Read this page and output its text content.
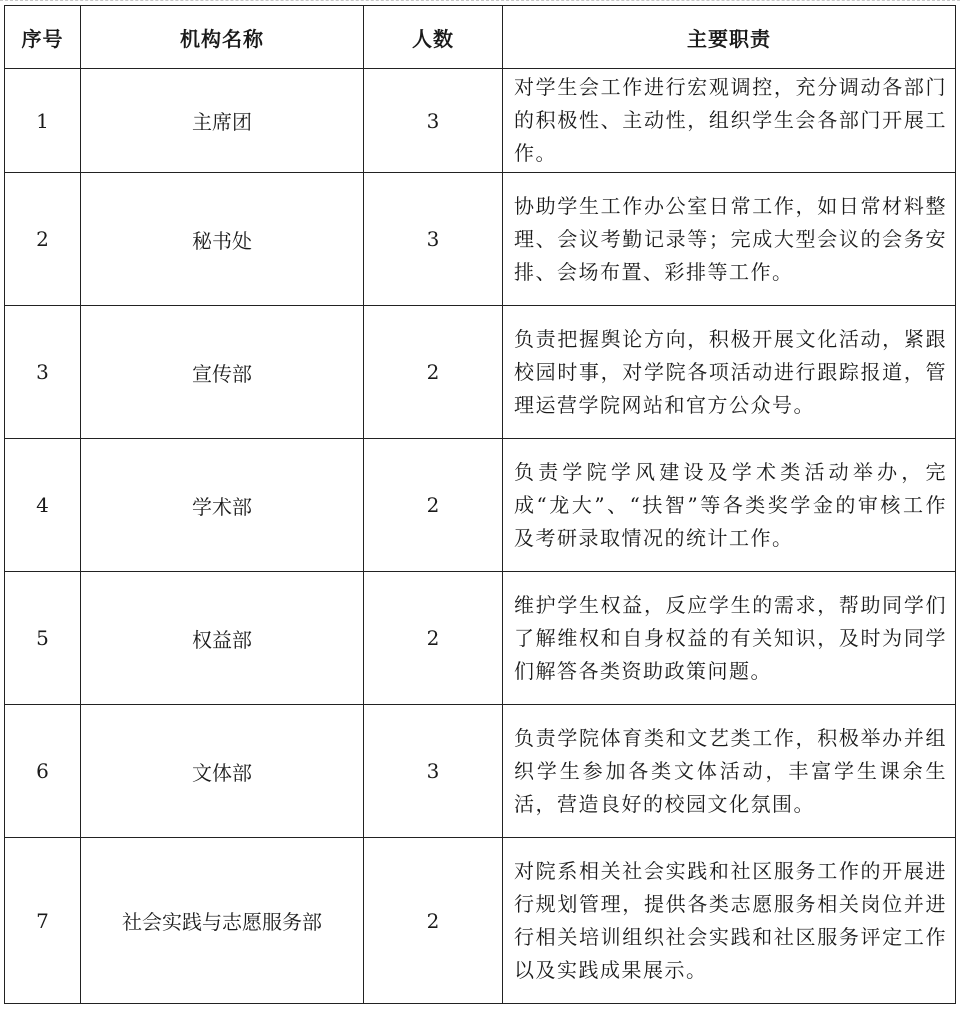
序号	机构名称	人数	主要职责
1	主席团	3	对学生会工作进行宏观调控，充分调动各部门的积极性、主动性，组织学生会各部门开展工作。
2	秘书处	3	协助学生工作办公室日常工作，如日常材料整理、会议考勤记录等；完成大型会议的会务安排、会场布置、彩排等工作。
3	宣传部	2	负责把握舆论方向，积极开展文化活动，紧跟校园时事，对学院各项活动进行跟踪报道，管理运营学院网站和官方公众号。
4	学术部	2	负责学院学风建设及学术类活动举办，完成“龙大”、“扶智”等各类奖学金的审核工作及考研录取情况的统计工作。
5	权益部	2	维护学生权益，反应学生的需求，帮助同学们了解维权和自身权益的有关知识，及时为同学们解答各类资助政策问题。
6	文体部	3	负责学院体育类和文艺类工作，积极举办并组织学生参加各类文体活动，丰富学生课余生活，营造良好的校园文化氛围。
7	社会实践与志愿服务部	2	对院系相关社会实践和社区服务工作的开展进行规划管理，提供各类志愿服务相关岗位并进行相关培训组织社会实践和社区服务评定工作以及实践成果展示。
